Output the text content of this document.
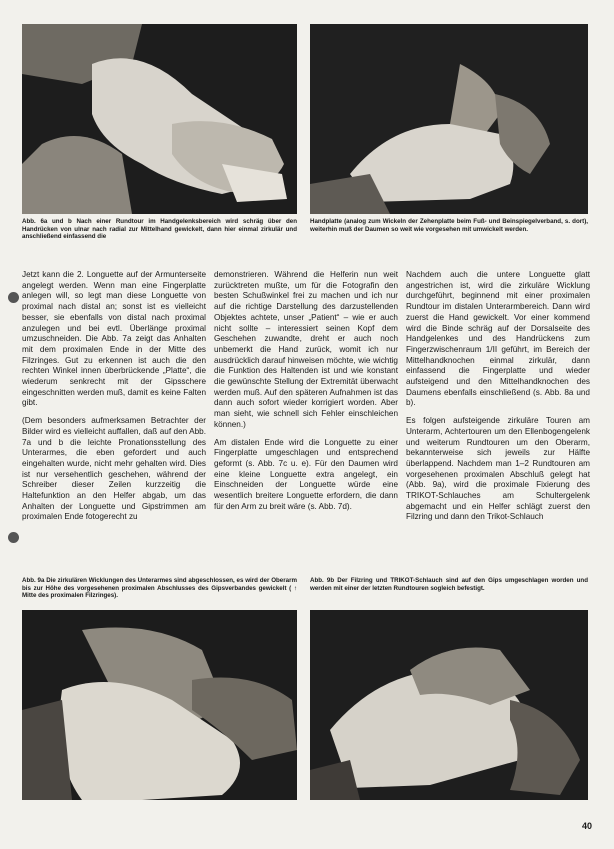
Abb. 6a und b Nach einer Rundtour im Handgelenksbereich wird schräg über den Handrücken von ulnar nach radial zur Mittelhand gewickelt, dann hier einmal zirkulär und anschließend einfassend die
Handplatte (analog zum Wickeln der Zehenplatte beim Fuß- und Beinspiegelverband, s. dort), weiterhin muß der Daumen so weit wie vorgesehen mit umwickelt werden.

Jetzt kann die 2. Longuette auf der Armunterseite angelegt werden. Wenn man eine Fingerplatte anlegen will, so legt man diese Longuette von proximal nach distal an; sonst ist es vielleicht besser, sie ebenfalls von distal nach proximal anzulegen und bei evtl. Überlänge proximal umzuschneiden. Die Abb. 7a zeigt das Anhalten mit dem proximalen Ende in der Mitte des Filzringes. Gut zu erkennen ist auch die den rechten Winkel innen überbrückende „Platte“, die wiederum senkrecht mit der Gipsschere eingeschnitten werden muß, damit es keine Falten gibt.

(Dem besonders aufmerksamen Betrachter der Bilder wird es vielleicht auffallen, daß auf den Abb. 7a und b die leichte Pronationsstellung des Unterarmes, die eben gefordert und auch eingehalten wurde, nicht mehr gehalten wird. Dies ist nur versehentlich geschehen, während der Schreiber dieser Zeilen kurzzeitig die Haltefunktion an den Helfer abgab, um das Anhalten der Longuette und Gipstrimmen am proximalen Ende fotogerecht zu

demonstrieren. Während die Helferin nun weit zurücktreten mußte, um für die Fotografin den besten Schußwinkel frei zu machen und ich nur auf die richtige Darstellung des darzustellenden Objektes achtete, unser „Patient“ – wie er auch nicht sollte – interessiert seinen Kopf dem Geschehen zuwandte, dreht er auch noch unbemerkt die Hand zurück, womit ich nur ausdrücklich darauf hinweisen möchte, wie wichtig die Funktion des Haltenden ist und wie konstant die gewünschte Stellung der Extremität überwacht werden muß. Auf den späteren Aufnahmen ist das dann auch sofort wieder korrigiert worden. Aber man sieht, wie schnell sich Fehler einschleichen können.)

Am distalen Ende wird die Longuette zu einer Fingerplatte umgeschlagen und entsprechend geformt (s. Abb. 7c u. e). Für den Daumen wird eine kleine Longuette extra angelegt, ein Einschneiden der Longuette würde eine wesentlich breitere Longuette erfordern, die dann für den Arm zu breit wäre (s. Abb. 7d).

Nachdem auch die untere Longuette glatt angestrichen ist, wird die zirkuläre Wicklung durchgeführt, beginnend mit einer proximalen Rundtour im distalen Unterarmbereich. Dann wird zuerst die Hand gewickelt. Vor einer kommend wird die Binde schräg auf der Dorsalseite des Handgelenkes und des Handrückens zum Fingerzwischenraum 1/II geführt, im Bereich der Mittelhandknochen einmal zirkulär, dann einfassend die Fingerplatte und wieder aufsteigend und den Mittelhandknochen des Daumens ebenfalls einschließend (s. Abb. 8a und b).

Es folgen aufsteigende zirkuläre Touren am Unterarm, Achtertouren um den Ellenbogengelenk und weiterum Rundtouren um den Oberarm, bekannterweise sich jeweils zur Hälfte überlappend. Nachdem man 1–2 Rundtouren am vorgesehenen proximalen Abschluß gelegt hat (Abb. 9a), wird die proximale Fixierung des TRIKOT-Schlauches am Schultergelenk abgemacht und ein Helfer schlägt zuerst den Filzring und dann den Trikot-Schlauch

Abb. 9a Die zirkulären Wicklungen des Unterarmes sind abgeschlossen, es wird der Oberarm bis zur Höhe des vorgesehenen proximalen Abschlusses des Gipsverbandes gewickelt ( ↑ Mitte des proximalen Filzringes).
Abb. 9b Der Filzring und TRIKOT-Schlauch sind auf den Gips umgeschlagen worden und werden mit einer der letzten Rundtouren sogleich befestigt.
40
